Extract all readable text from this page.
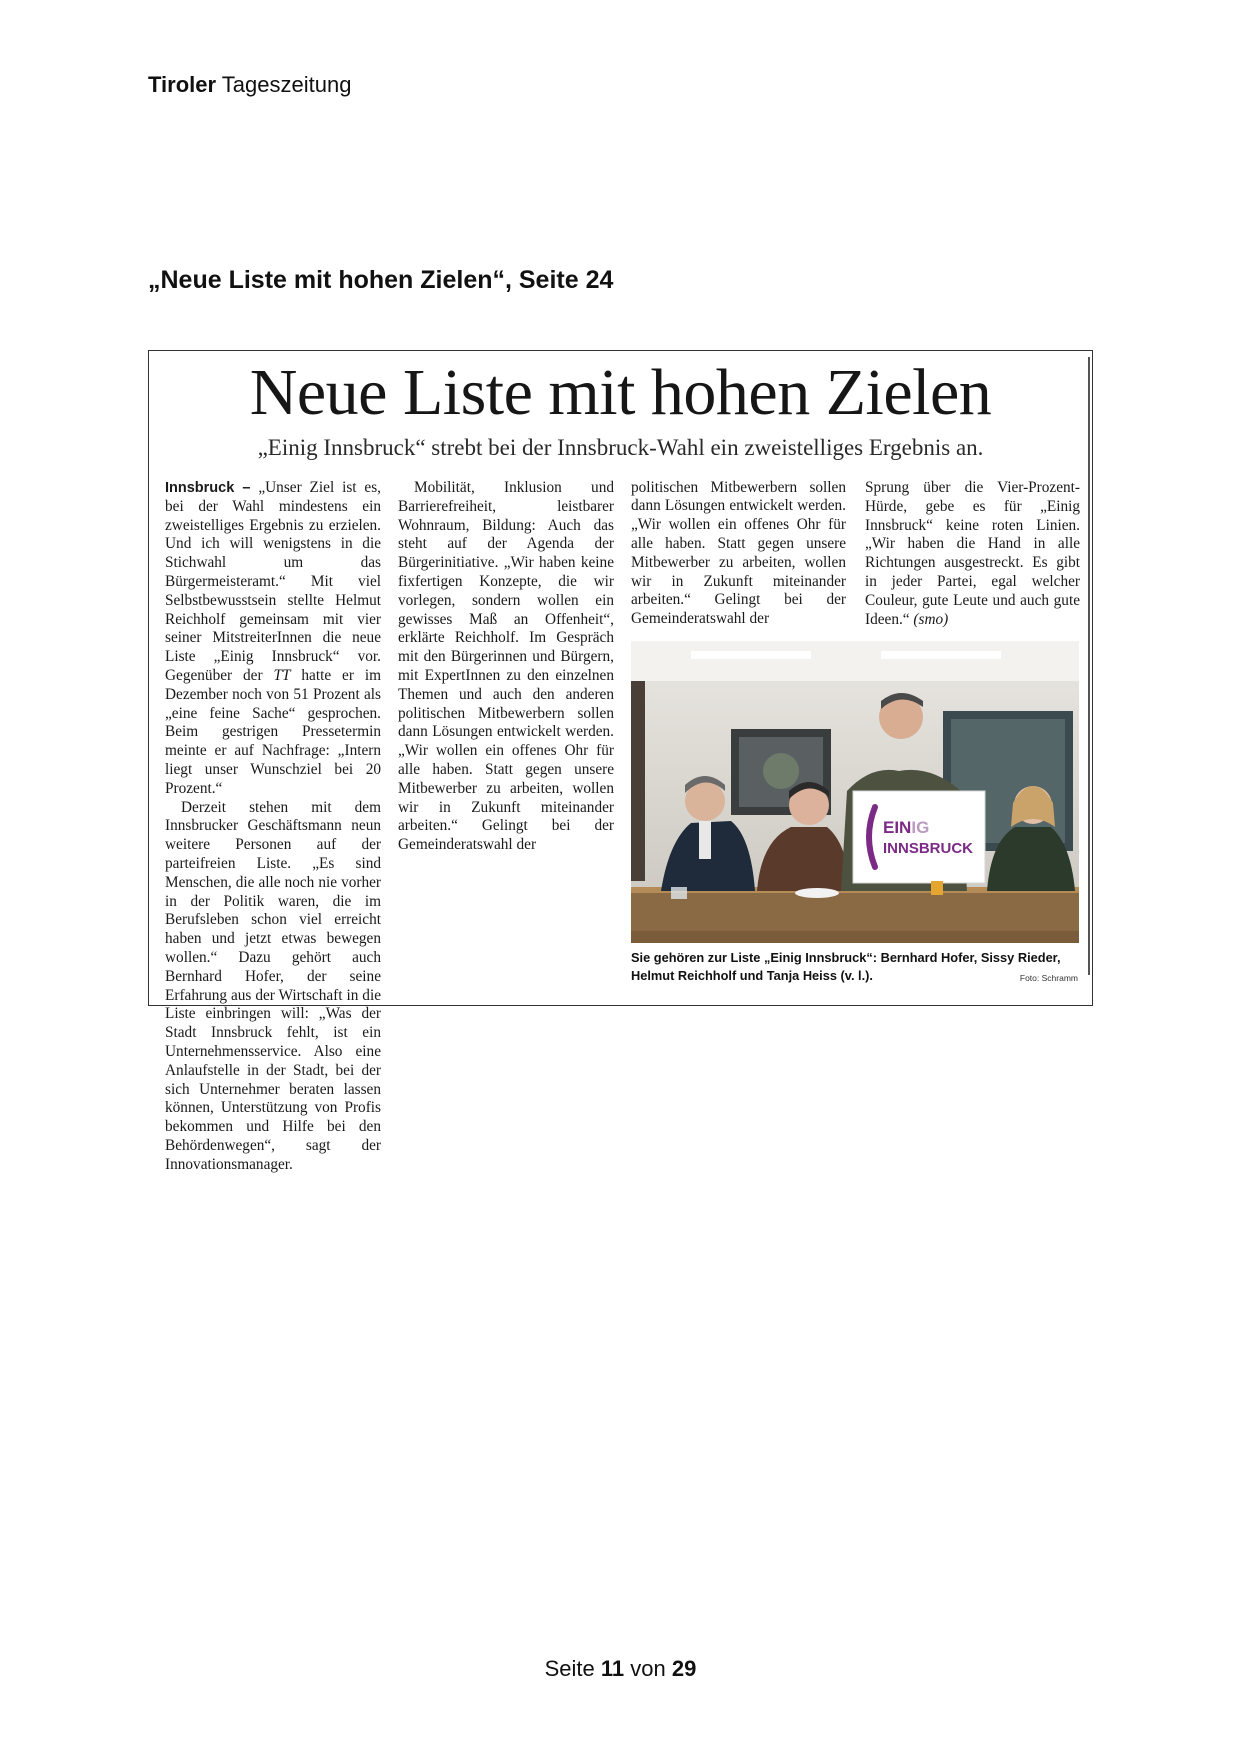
Tiroler Tageszeitung
„Neue Liste mit hohen Zielen“, Seite 24
Neue Liste mit hohen Zielen
„Einig Innsbruck“ strebt bei der Innsbruck-Wahl ein zweistelliges Ergebnis an.
Innsbruck – „Unser Ziel ist es, bei der Wahl mindestens ein zweistelliges Ergebnis zu erzielen. Und ich will wenigstens in die Stichwahl um das Bürgermeisteramt.“ Mit viel Selbstbewusstsein stellte Helmut Reichholf gemeinsam mit vier seiner MitstreiterInnen die neue Liste „Einig Innsbruck“ vor. Gegenüber der TT hatte er im Dezember noch von 51 Prozent als „eine feine Sache“ gesprochen. Beim gestrigen Pressetermin meinte er auf Nachfrage: „Intern liegt unser Wunschziel bei 20 Prozent.“
Derzeit stehen mit dem Innsbrucker Geschäftsmann neun weitere Personen auf der parteifreien Liste. „Es sind Menschen, die alle noch nie vorher in der Politik waren, die im Berufsleben schon viel erreicht haben und jetzt etwas bewegen wollen.“ Dazu gehört auch Bernhard Hofer, der seine Erfahrung aus der Wirtschaft in die Liste einbringen will: „Was der Stadt Innsbruck fehlt, ist ein Unternehmensservice. Also eine Anlaufstelle in der Stadt, bei der sich Unternehmer beraten lassen können, Unterstützung von Profis bekommen und Hilfe bei den Behördenwegen“, sagt der Innovationsmanager.
Mobilität, Inklusion und Barrierefreiheit, leistbarer Wohnraum, Bildung: Auch das steht auf der Agenda der Bürgerinitiative. „Wir haben keine fixfertigen Konzepte, die wir vorlegen, sondern wollen ein gewisses Maß an Offenheit“, erklärte Reichholf. Im Gespräch mit den Bürgerinnen und Bürgern, mit ExpertInnen zu den einzelnen Themen und auch den anderen politischen Mitbewerbern sollen dann Lösungen entwickelt werden. „Wir wollen ein offenes Ohr für alle haben. Statt gegen unsere Mitbewerber zu arbeiten, wollen wir in Zukunft miteinander arbeiten.“ Gelingt bei der Gemeinderatswahl der
politischen Mitbewerbern sollen dann Lösungen entwickelt werden. „Wir wollen ein offenes Ohr für alle haben. Statt gegen unsere Mitbewerber zu arbeiten, wollen wir in Zukunft miteinander arbeiten.“ Gelingt bei der Gemeinderatswahl der
Sprung über die Vier-Prozent-Hürde, gebe es für „Einig Innsbruck“ keine roten Linien. „Wir haben die Hand in alle Richtungen ausgestreckt. Es gibt in jeder Partei, egal welcher Couleur, gute Leute und auch gute Ideen.“ (smo)
EINIG
INNSBRUCK
Sie gehören zur Liste „Einig Innsbruck“: Bernhard Hofer, Sissy Rieder, Helmut Reichholf und Tanja Heiss (v. l.).	Foto: Schramm
Seite 11 von 29
